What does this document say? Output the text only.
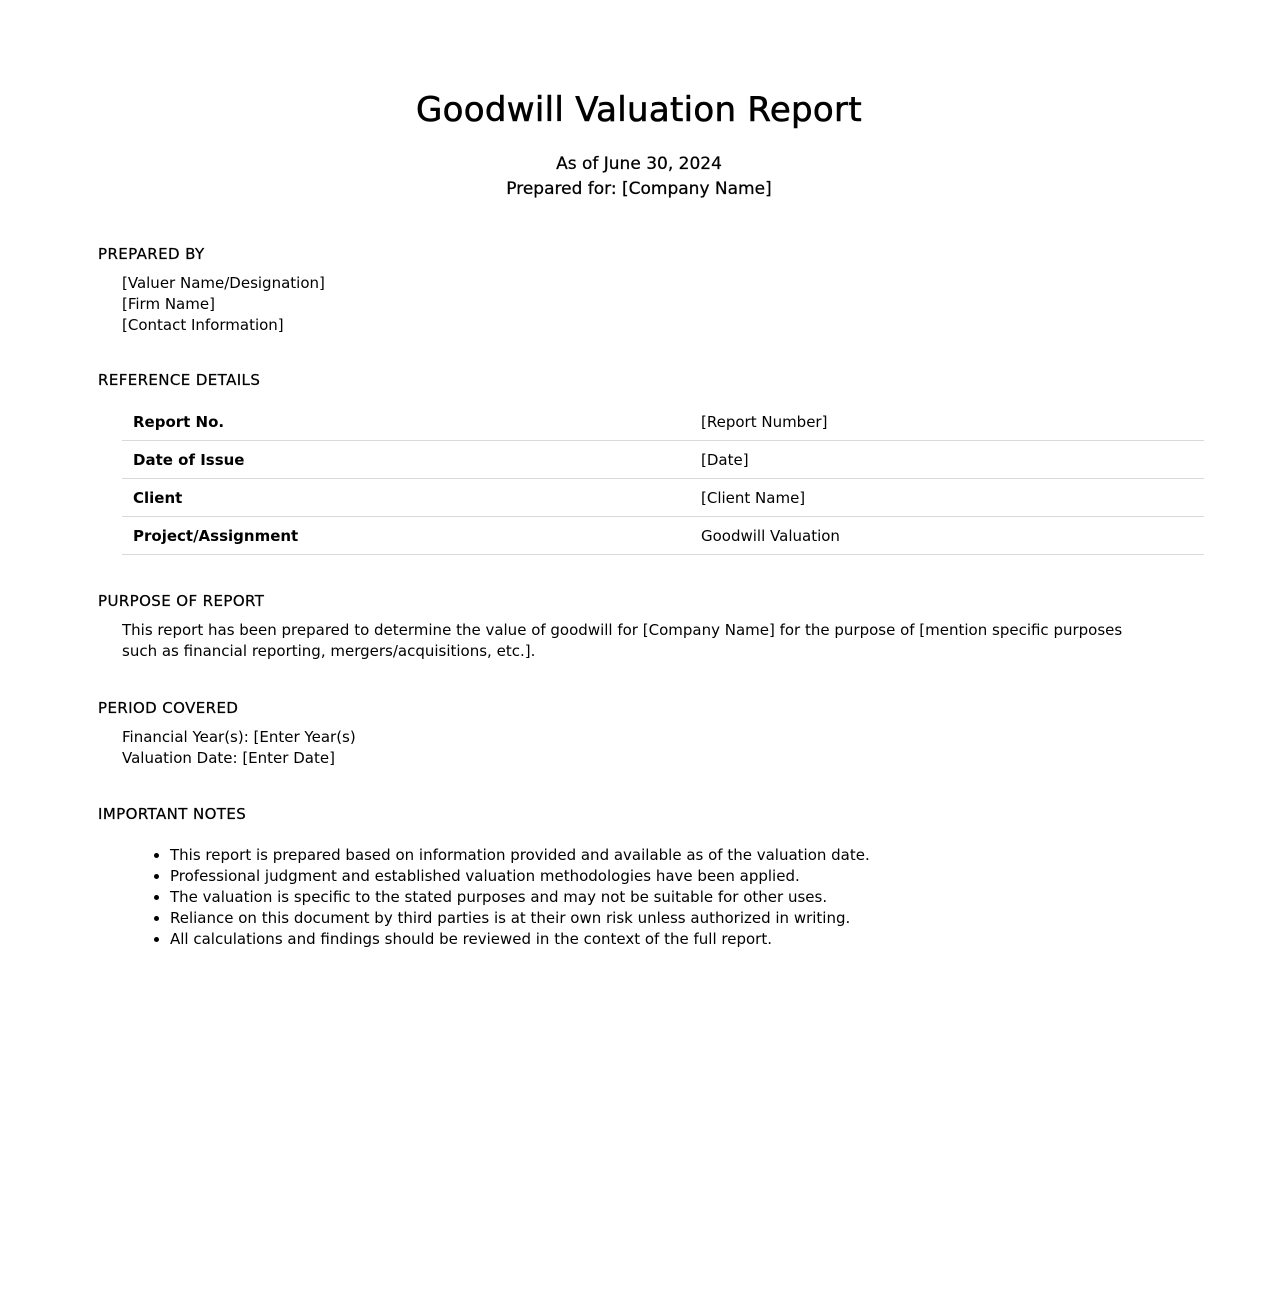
Goodwill Valuation Report
As of June 30, 2024
Prepared for: [Company Name]
PREPARED BY
[Valuer Name/Designation]
[Firm Name]
[Contact Information]
REFERENCE DETAILS
Report No.	[Report Number]
Date of Issue	[Date]
Client	[Client Name]
Project/Assignment	Goodwill Valuation
PURPOSE OF REPORT
This report has been prepared to determine the value of goodwill for [Company Name] for the purpose of [mention specific purposes such as financial reporting, mergers/acquisitions, etc.].
PERIOD COVERED
Financial Year(s): [Enter Year(s)
Valuation Date: [Enter Date]
IMPORTANT NOTES
• This report is prepared based on information provided and available as of the valuation date.
• Professional judgment and established valuation methodologies have been applied.
• The valuation is specific to the stated purposes and may not be suitable for other uses.
• Reliance on this document by third parties is at their own risk unless authorized in writing.
• All calculations and findings should be reviewed in the context of the full report.
